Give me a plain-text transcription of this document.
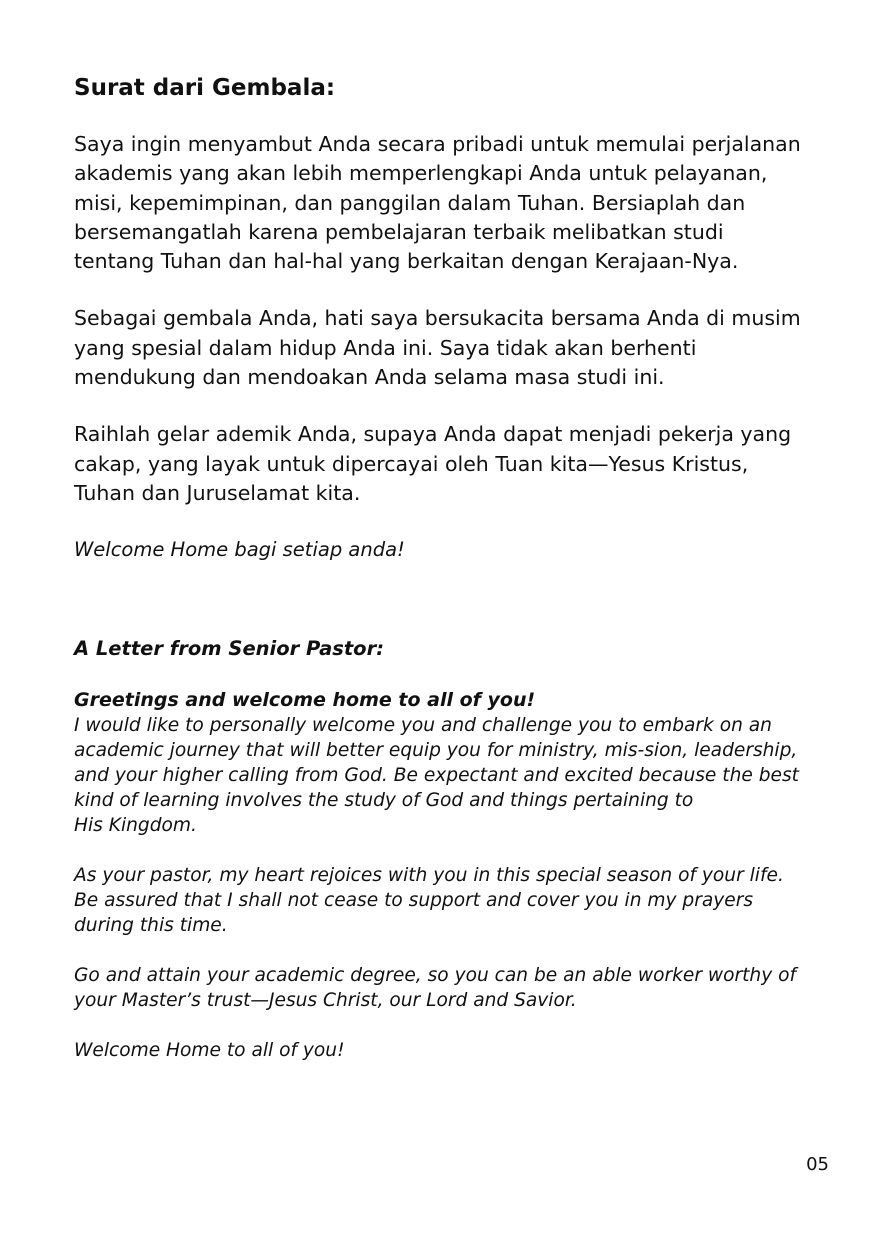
Surat dari Gembala:

Saya ingin menyambut Anda secara pribadi untuk memulai perjalanan akademis yang akan lebih memperlengkapi Anda untuk pelayanan, misi, kepemimpinan, dan panggilan dalam Tuhan. Bersiaplah dan bersemangatlah karena pembelajaran terbaik melibatkan studi tentang Tuhan dan hal-hal yang berkaitan dengan Kerajaan-Nya.

Sebagai gembala Anda, hati saya bersukacita bersama Anda di musim yang spesial dalam hidup Anda ini. Saya tidak akan berhenti mendukung dan mendoakan Anda selama masa studi ini.

Raihlah gelar ademik Anda, supaya Anda dapat menjadi pekerja yang cakap, yang layak untuk dipercayai oleh Tuan kita—Yesus Kristus, Tuhan dan Juruselamat kita.

Welcome Home bagi setiap anda!

A Letter from Senior Pastor:

Greetings and welcome home to all of you!

I would like to personally welcome you and challenge you to embark on an academic journey that will better equip you for ministry, mis-sion, leadership, and your higher calling from God. Be expectant and excited because the best kind of learning involves the study of God and things pertaining to
His Kingdom.

As your pastor, my heart rejoices with you in this special season of your life. Be assured that I shall not cease to support and cover you in my prayers during this time.

Go and attain your academic degree, so you can be an able worker worthy of your Master’s trust—Jesus Christ, our Lord and Savior.

Welcome Home to all of you!

05
